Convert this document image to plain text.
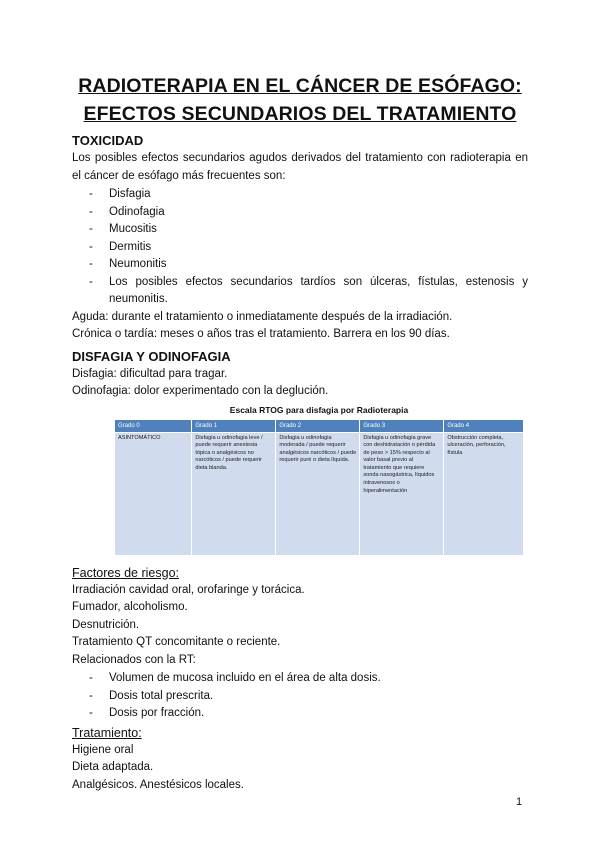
RADIOTERAPIA EN EL CÁNCER DE ESÓFAGO:
EFECTOS SECUNDARIOS DEL TRATAMIENTO
TOXICIDAD

Los posibles efectos secundarios agudos derivados del tratamiento con radioterapia en el cáncer de esófago más frecuentes son:

- Disfagia
- Odinofagia
- Mucositis
- Dermitis
- Neumonitis
- Los posibles efectos secundarios tardíos son úlceras, fístulas, estenosis y neumonitis.

Aguda: durante el tratamiento o inmediatamente después de la irradiación.

Crónica o tardía: meses o años tras el tratamiento. Barrera en los 90 días.

DISFAGIA Y ODINOFAGIA

Disfagia: dificultad para tragar.

Odinofagia: dolor experimentado con la deglución.

Escala RTOG para disfagia por Radioterapia
Grado 0	Grado 1	Grado 2	Grado 3	Grado 4
ASINTOMÁTICO	Disfagia u odinofagia leve / puede requerir anestesia tópica o analgésicos no narcóticos / puede requerir dieta blanda.	Disfagia u odinofagia moderada / puede requerir analgésicos narcóticos / puede requerir puré o dieta líquida.	Disfagia u odinofagia grave con deshidratación o pérdida de peso > 15% respecto al valor basal previo al tratamiento que requiere sonda nasogástrica, líquidos intravenosos o hiperalimentación	Obstrucción completa, ulceración, perforación, fístula

Factores de riesgo:

Irradiación cavidad oral, orofaringe y torácica.

Fumador, alcoholismo.

Desnutrición.

Tratamiento QT concomitante o reciente.

Relacionados con la RT:

- Volumen de mucosa incluido en el área de alta dosis.
- Dosis total prescrita.
- Dosis por fracción.

Tratamiento:

Higiene oral

Dieta adaptada.

Analgésicos. Anestésicos locales.

1
